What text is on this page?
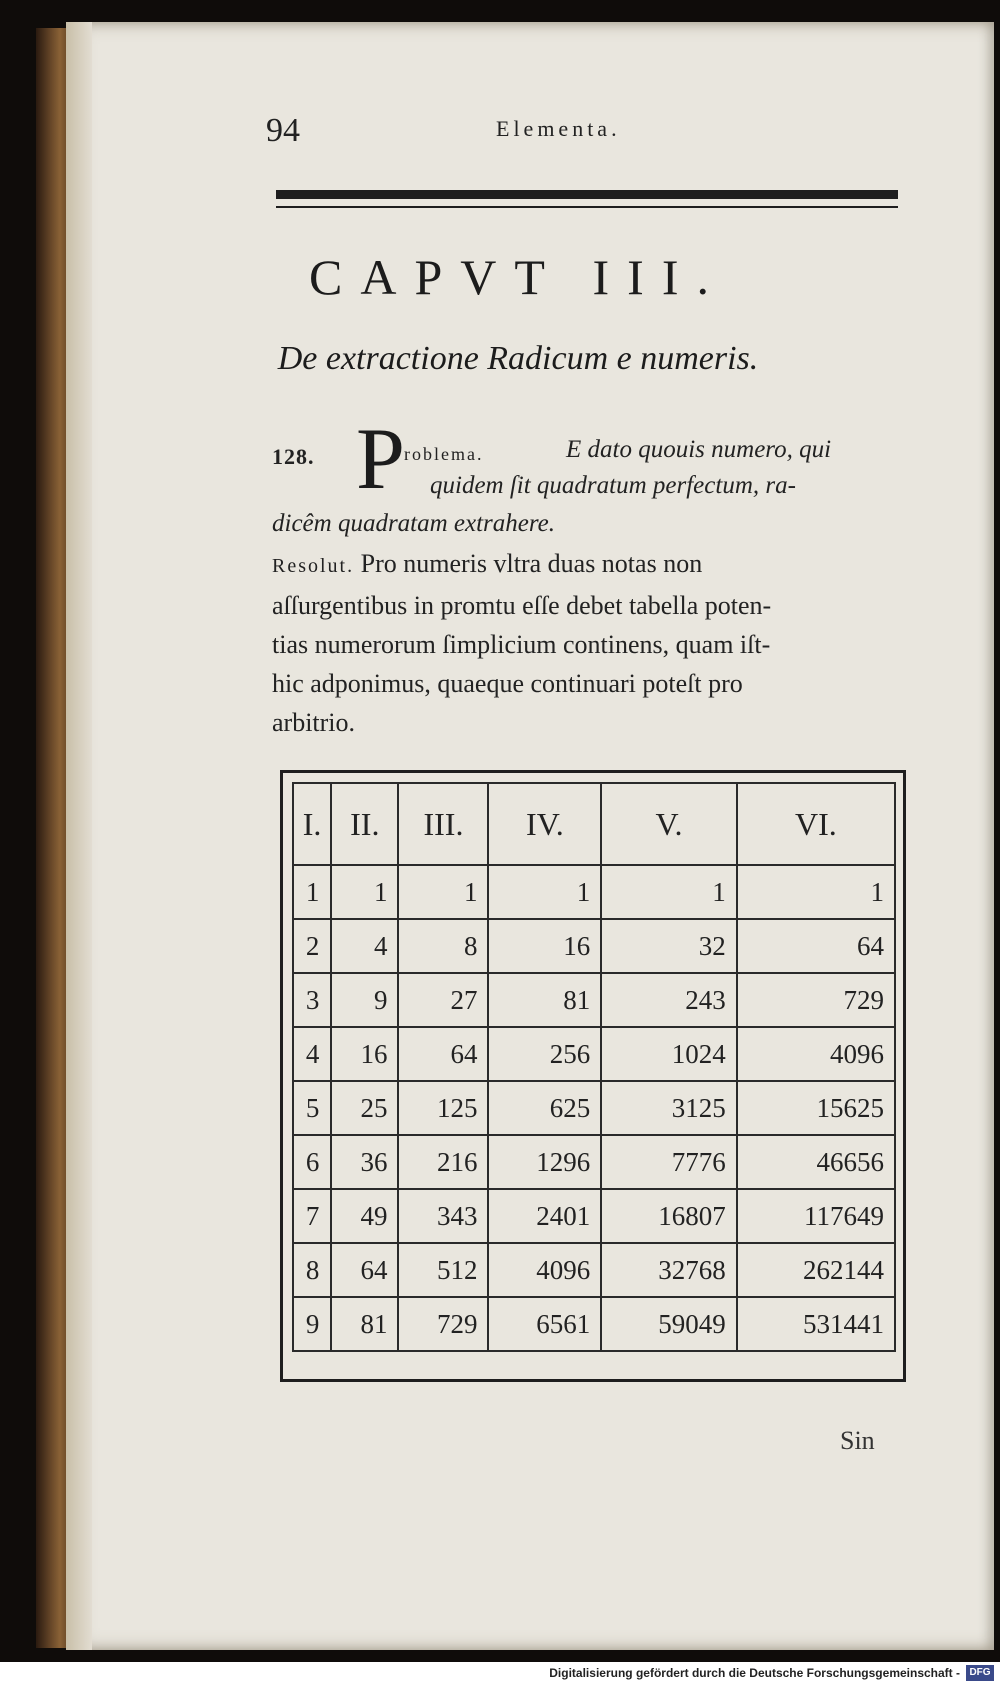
94	Elementa.
CAPVT III.
De extractione Radicum e numeris.
128. P roblema.	E dato quouis numero, qui
quidem ſit quadratum perfectum, ra-
dicêm quadratam extrahere.
Resolut. Pro numeris vltra duas notas non
aſſurgentibus in promtu eſſe debet tabella poten-
tias numerorum ſimplicium continens, quam iſt-
hic adponimus, quaeque continuari poteſt pro
arbitrio.
I.	II.	III.	IV.	V.	VI.
1	1	1	1	1	1
2	4	8	16	32	64
3	9	27	81	243	729
4	16	64	256	1024	4096
5	25	125	625	3125	15625
6	36	216	1296	7776	46656
7	49	343	2401	16807	117649
8	64	512	4096	32768	262144
9	81	729	6561	59049	531441
Sin
Digitalisierung gefördert durch die Deutsche Forschungsgemeinschaft - DFG
